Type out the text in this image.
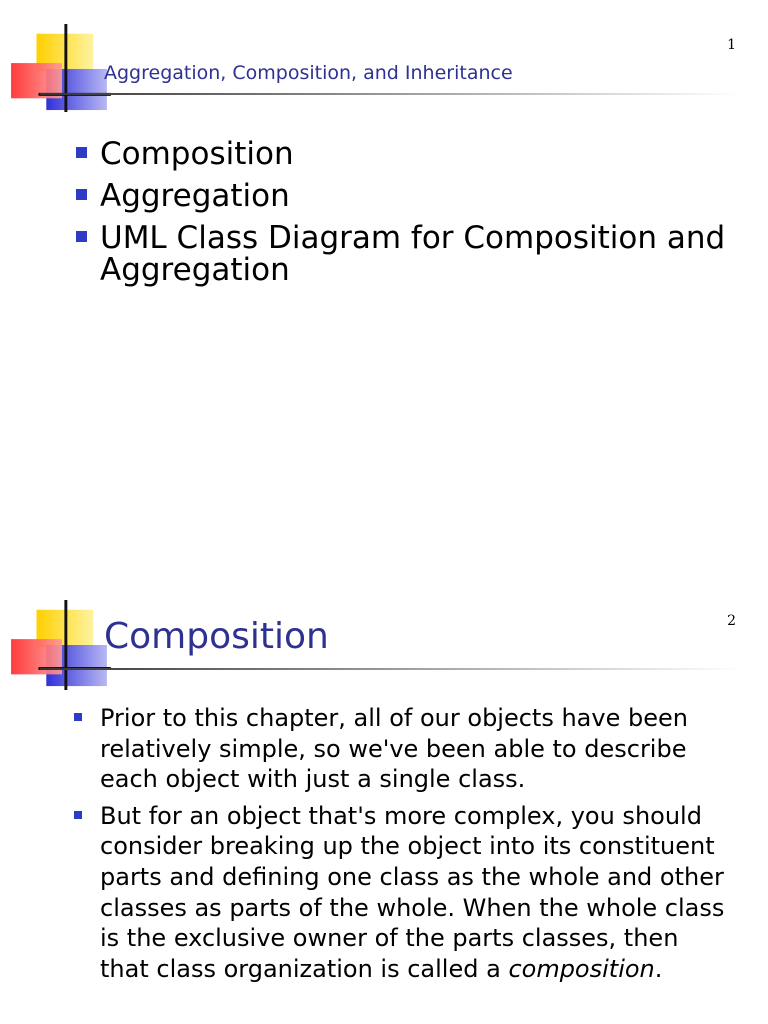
1
Aggregation, Composition, and Inheritance
Composition
Aggregation
UML Class Diagram for Composition and Aggregation
2
Composition
Prior to this chapter, all of our objects have been relatively simple, so we've been able to describe each object with just a single class.
But for an object that's more complex, you should consider breaking up the object into its constituent parts and defining one class as the whole and other classes as parts of the whole. When the whole class is the exclusive owner of the parts classes, then that class organization is called a composition.
